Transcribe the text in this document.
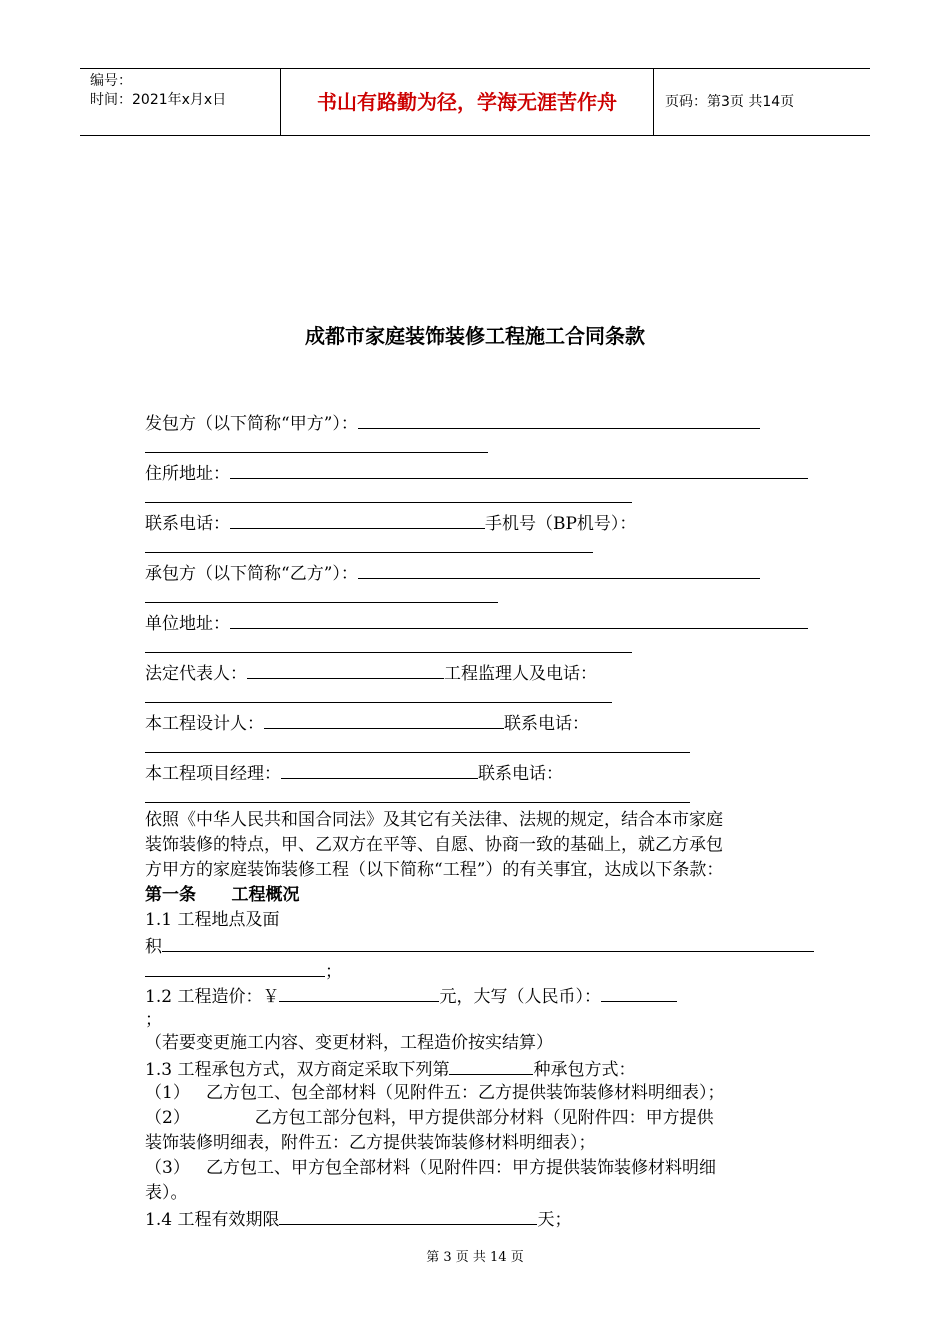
编号：
时间：2021年x月x日	书山有路勤为径，学海无涯苦作舟	页码：第3页 共14页
成都市家庭装饰装修工程施工合同条款
发包方（以下简称“甲方”）：
住所地址：
联系电话：	手机号（BP机号）：
承包方（以下简称“乙方”）：
单位地址：
法定代表人：	工程监理人及电话：
本工程设计人：	联系电话：
本工程项目经理：	联系电话：
依照《中华人民共和国合同法》及其它有关法律、法规的规定，结合本市家庭
装饰装修的特点，甲、乙双方在平等、自愿、协商一致的基础上，就乙方承包
方甲方的家庭装饰装修工程（以下简称“工程”）的有关事宜，达成以下条款：
第一条      工程概况
1.1 工程地点及面
积
；
1.2 工程造价：￥	元，大写（人民币）：
；
（若要变更施工内容、变更材料，工程造价按实结算）
1.3 工程承包方式，双方商定采取下列第	种承包方式：
（1）   乙方包工、包全部材料（见附件五：乙方提供装饰装修材料明细表）；
（2）            乙方包工部分包料，甲方提供部分材料（见附件四：甲方提供
装饰装修明细表，附件五：乙方提供装饰装修材料明细表）；
（3）   乙方包工、甲方包全部材料（见附件四：甲方提供装饰装修材料明细
表）。
1.4 工程有效期限	天；
第 3 页 共 14 页
